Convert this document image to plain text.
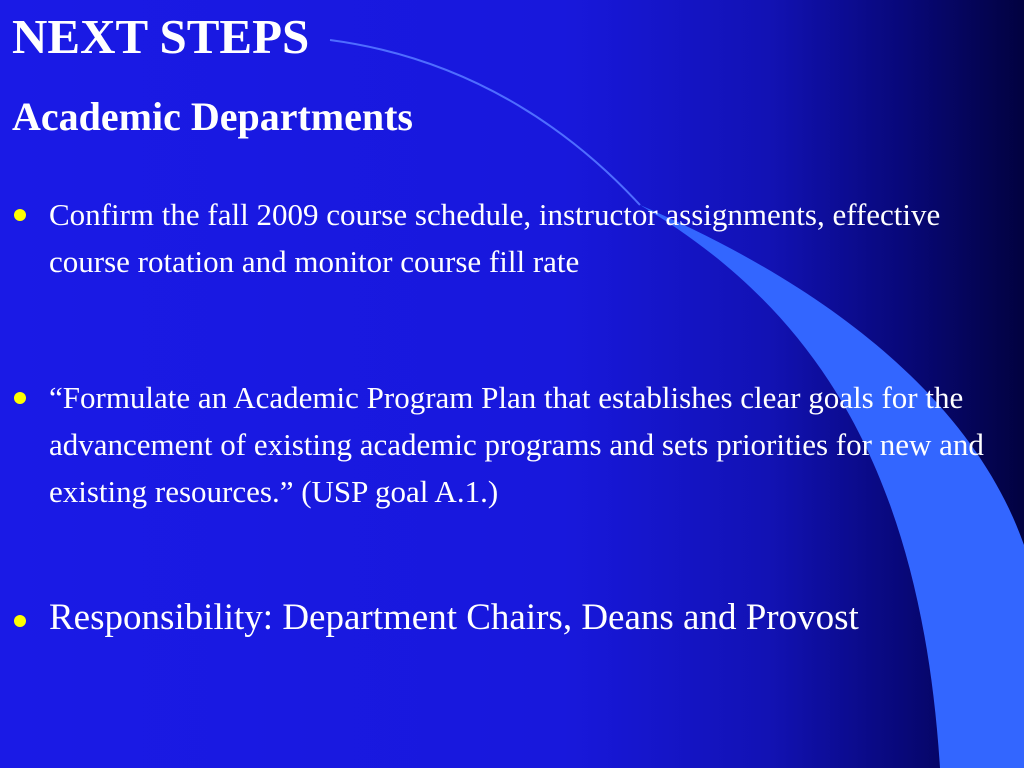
NEXT STEPS
Academic Departments
Confirm the fall 2009 course schedule, instructor assignments, effective course rotation and monitor course fill rate
“Formulate an Academic Program Plan that establishes clear goals for the advancement of existing academic programs and sets priorities for new and existing resources.” (USP goal A.1.)
Responsibility: Department Chairs, Deans and Provost
